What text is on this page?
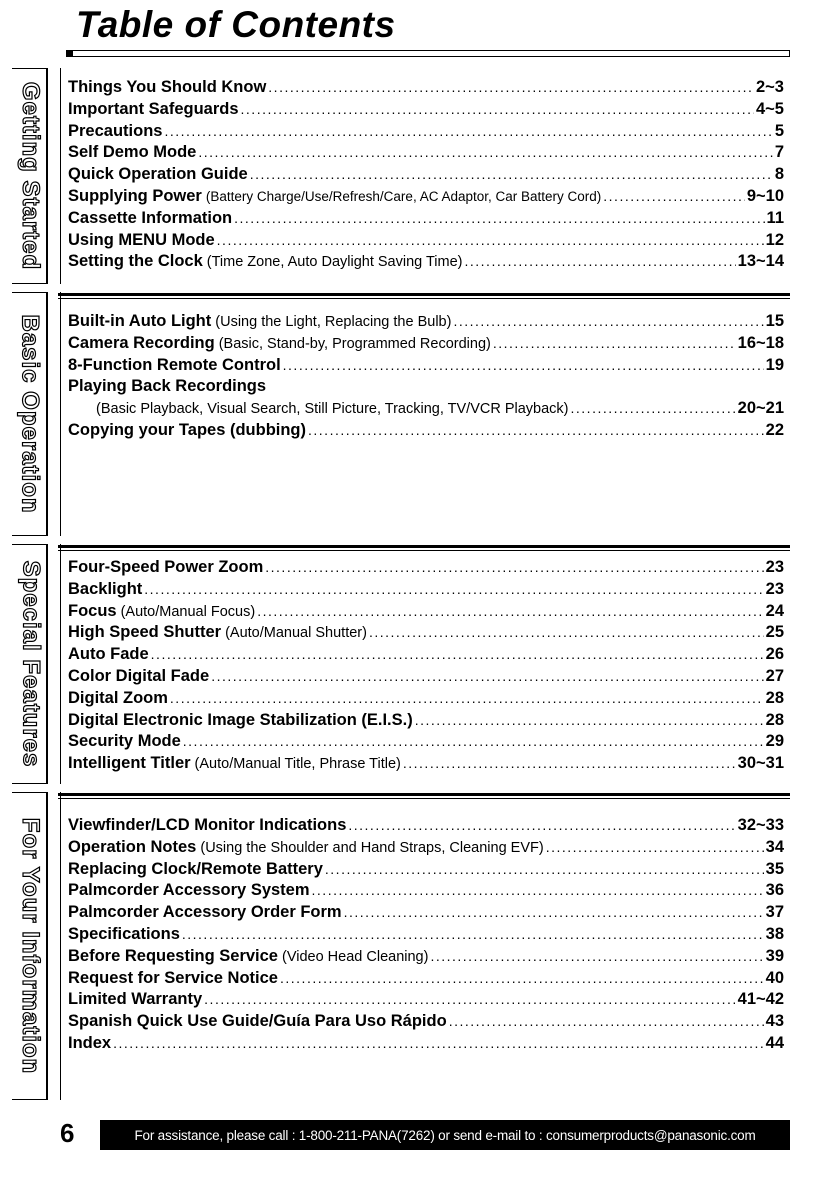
Table of Contents
Getting Started Things You Should Know .....	2~3
Important Safeguards .....	4~5
Precautions .....	5
Self Demo Mode .....	7
Quick Operation Guide .....	8
Supplying Power (Battery Charge/Use/Refresh/Care, AC Adaptor, Car Battery Cord) .....	9~10
Cassette Information .....	11
Using MENU Mode .....	12
Setting the Clock (Time Zone, Auto Daylight Saving Time) .....	13~14
Basic Operation Built-in Auto Light (Using the Light, Replacing the Bulb) .....	15
Camera Recording (Basic, Stand-by, Programmed Recording) .....	16~18
8-Function Remote Control .....	19
Playing Back Recordings
(Basic Playback, Visual Search, Still Picture, Tracking, TV/VCR Playback) .....	20~21
Copying your Tapes (dubbing) .....	22
Special Features Four-Speed Power Zoom .....	23
Backlight .....	23
Focus (Auto/Manual Focus) .....	24
High Speed Shutter (Auto/Manual Shutter) .....	25
Auto Fade .....	26
Color Digital Fade .....	27
Digital Zoom .....	28
Digital Electronic Image Stabilization (E.I.S.) .....	28
Security Mode .....	29
Intelligent Titler (Auto/Manual Title, Phrase Title) .....	30~31
For Your Information Viewfinder/LCD Monitor Indications .....	32~33
Operation Notes (Using the Shoulder and Hand Straps, Cleaning EVF) .....	34
Replacing Clock/Remote Battery .....	35
Palmcorder Accessory System .....	36
Palmcorder Accessory Order Form .....	37
Specifications .....	38
Before Requesting Service (Video Head Cleaning) .....	39
Request for Service Notice .....	40
Limited Warranty .....	41~42
Spanish Quick Use Guide/Guía Para Uso Rápido .....	43
Index .....	44
6	For assistance, please call : 1-800-211-PANA(7262) or send e-mail to : consumerproducts@panasonic.com
